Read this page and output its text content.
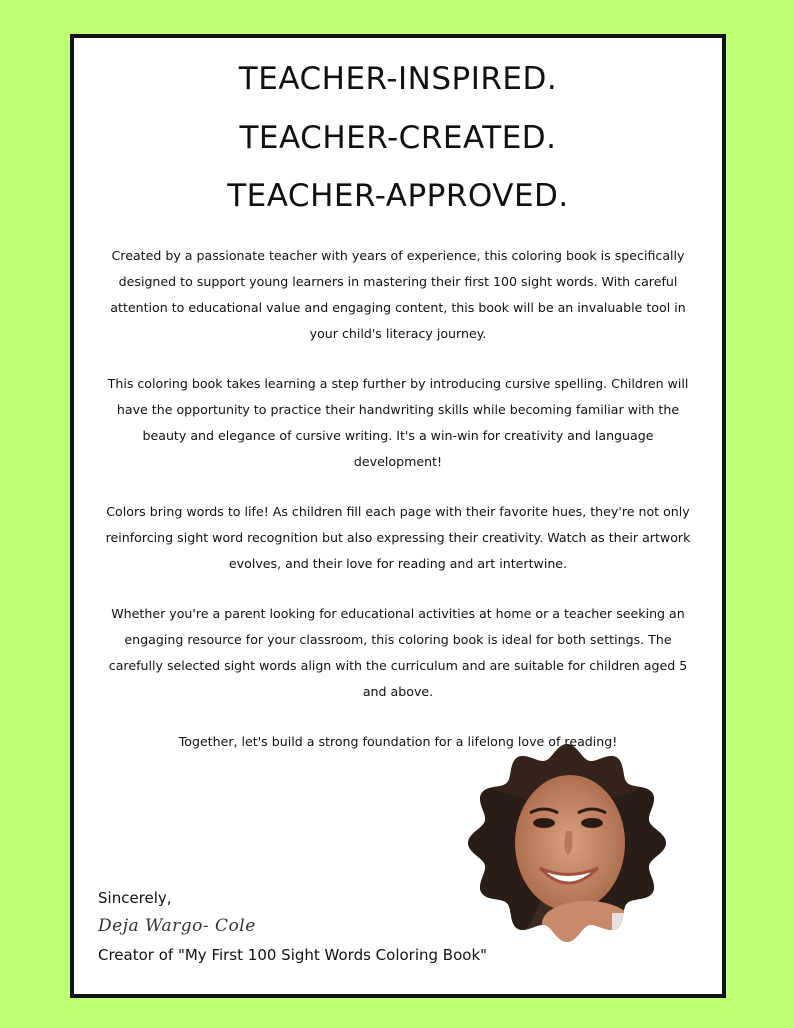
TEACHER-INSPIRED.
TEACHER-CREATED.
TEACHER-APPROVED.

Created by a passionate teacher with years of experience, this coloring book is specifically designed to support young learners in mastering their first 100 sight words. With careful attention to educational value and engaging content, this book will be an invaluable tool in your child's literacy journey.

This coloring book takes learning a step further by introducing cursive spelling. Children will have the opportunity to practice their handwriting skills while becoming familiar with the beauty and elegance of cursive writing. It's a win-win for creativity and language development!

Colors bring words to life! As children fill each page with their favorite hues, they're not only reinforcing sight word recognition but also expressing their creativity. Watch as their artwork evolves, and their love for reading and art intertwine.

Whether you're a parent looking for educational activities at home or a teacher seeking an engaging resource for your classroom, this coloring book is ideal for both settings. The carefully selected sight words align with the curriculum and are suitable for children aged 5 and above.

Together, let's build a strong foundation for a lifelong love of reading!

Sincerely,
Deja Wargo- Cole
Creator of "My First 100 Sight Words Coloring Book"
